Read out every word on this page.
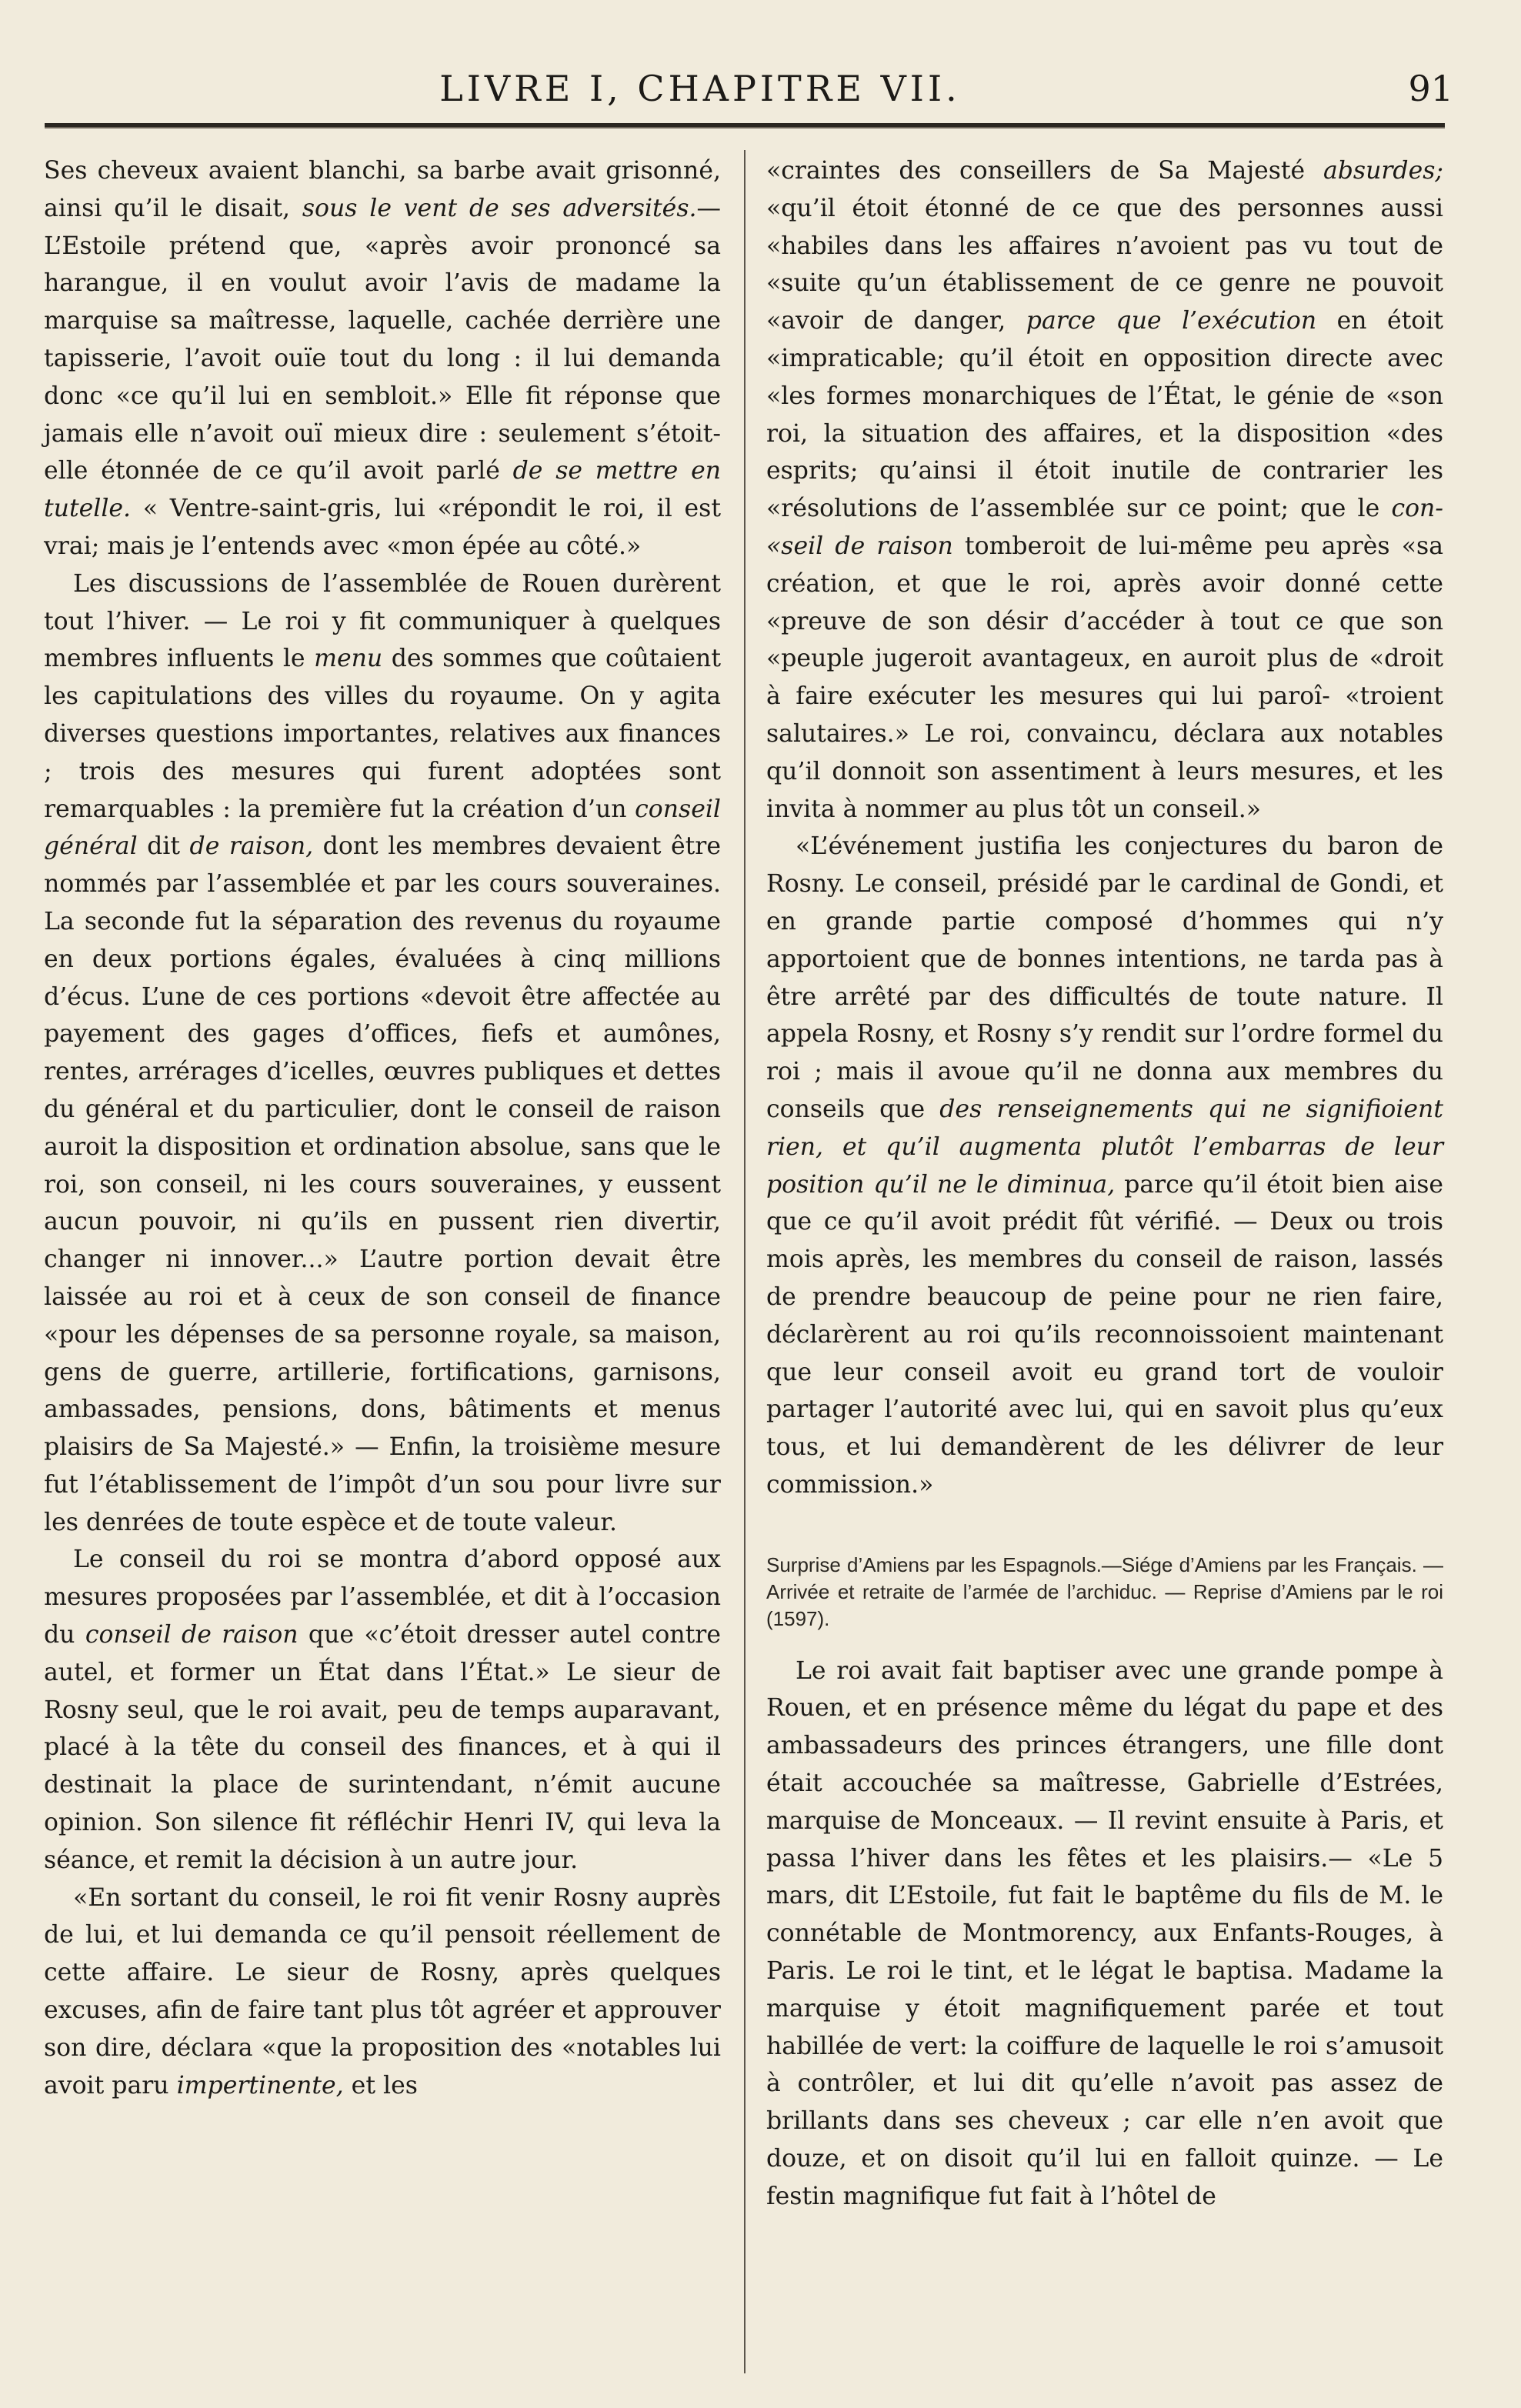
LIVRE I, CHAPITRE VII.	91

Ses cheveux avaient blanchi, sa barbe avait grisonné, ainsi qu’il le disait, sous le vent de ses adversités.— L’Estoile prétend que, «après avoir prononcé sa harangue, il en voulut avoir l’avis de madame la marquise sa maîtresse, laquelle, cachée derrière une tapisserie, l’avoit ouïe tout du long : il lui demanda donc «ce qu’il lui en sembloit.» Elle fit réponse que jamais elle n’avoit ouï mieux dire : seulement s’étoit-elle étonnée de ce qu’il avoit parlé de se mettre en tutelle. « Ventre-saint-gris, lui «répondit le roi, il est vrai; mais je l’entends avec «mon épée au côté.»

Les discussions de l’assemblée de Rouen durèrent tout l’hiver. — Le roi y fit communiquer à quelques membres influents le menu des sommes que coûtaient les capitulations des villes du royaume. On y agita diverses questions importantes, relatives aux finances ; trois des mesures qui furent adoptées sont remarquables : la première fut la création d’un conseil général dit de raison, dont les membres devaient être nommés par l’assemblée et par les cours souveraines. La seconde fut la séparation des revenus du royaume en deux portions égales, évaluées à cinq millions d’écus. L’une de ces portions «devoit être affectée au payement des gages d’offices, fiefs et aumônes, rentes, arrérages d’icelles, œuvres publiques et dettes du général et du particulier, dont le conseil de raison auroit la disposition et ordination absolue, sans que le roi, son conseil, ni les cours souveraines, y eussent aucun pouvoir, ni qu’ils en pussent rien divertir, changer ni innover...» L’autre portion devait être laissée au roi et à ceux de son conseil de finance «pour les dépenses de sa personne royale, sa maison, gens de guerre, artillerie, fortifications, garnisons, ambassades, pensions, dons, bâtiments et menus plaisirs de Sa Majesté.» — Enfin, la troisième mesure fut l’établissement de l’impôt d’un sou pour livre sur les denrées de toute espèce et de toute valeur.

Le conseil du roi se montra d’abord opposé aux mesures proposées par l’assemblée, et dit à l’occasion du conseil de raison que «c’étoit dresser autel contre autel, et former un État dans l’État.» Le sieur de Rosny seul, que le roi avait, peu de temps auparavant, placé à la tête du conseil des finances, et à qui il destinait la place de surintendant, n’émit aucune opinion. Son silence fit réfléchir Henri IV, qui leva la séance, et remit la décision à un autre jour.

«En sortant du conseil, le roi fit venir Rosny auprès de lui, et lui demanda ce qu’il pensoit réellement de cette affaire. Le sieur de Rosny, après quelques excuses, afin de faire tant plus tôt agréer et approuver son dire, déclara «que la proposition des «notables lui avoit paru impertinente, et les

«craintes des conseillers de Sa Majesté absurdes; «qu’il étoit étonné de ce que des personnes aussi «habiles dans les affaires n’avoient pas vu tout de «suite qu’un établissement de ce genre ne pouvoit «avoir de danger, parce que l’exécution en étoit «impraticable; qu’il étoit en opposition directe avec «les formes monarchiques de l’État, le génie de «son roi, la situation des affaires, et la disposition «des esprits; qu’ainsi il étoit inutile de contrarier les «résolutions de l’assemblée sur ce point; que le con- «seil de raison tomberoit de lui-même peu après «sa création, et que le roi, après avoir donné cette «preuve de son désir d’accéder à tout ce que son «peuple jugeroit avantageux, en auroit plus de «droit à faire exécuter les mesures qui lui paroî- «troient salutaires.» Le roi, convaincu, déclara aux notables qu’il donnoit son assentiment à leurs mesures, et les invita à nommer au plus tôt un conseil.»

«L’événement justifia les conjectures du baron de Rosny. Le conseil, présidé par le cardinal de Gondi, et en grande partie composé d’hommes qui n’y apportoient que de bonnes intentions, ne tarda pas à être arrêté par des difficultés de toute nature. Il appela Rosny, et Rosny s’y rendit sur l’ordre formel du roi ; mais il avoue qu’il ne donna aux membres du conseils que des renseignements qui ne signifioient rien, et qu’il augmenta plutôt l’embarras de leur position qu’il ne le diminua, parce qu’il étoit bien aise que ce qu’il avoit prédit fût vérifié. — Deux ou trois mois après, les membres du conseil de raison, lassés de prendre beaucoup de peine pour ne rien faire, déclarèrent au roi qu’ils reconnoissoient maintenant que leur conseil avoit eu grand tort de vouloir partager l’autorité avec lui, qui en savoit plus qu’eux tous, et lui demandèrent de les délivrer de leur commission.»

Surprise d’Amiens par les Espagnols.—Siége d’Amiens par les Français. — Arrivée et retraite de l’armée de l’archiduc. — Reprise d’Amiens par le roi (1597).

Le roi avait fait baptiser avec une grande pompe à Rouen, et en présence même du légat du pape et des ambassadeurs des princes étrangers, une fille dont était accouchée sa maîtresse, Gabrielle d’Estrées, marquise de Monceaux. — Il revint ensuite à Paris, et passa l’hiver dans les fêtes et les plaisirs.— «Le 5 mars, dit L’Estoile, fut fait le baptême du fils de M. le connétable de Montmorency, aux Enfants-Rouges, à Paris. Le roi le tint, et le légat le baptisa. Madame la marquise y étoit magnifiquement parée et tout habillée de vert: la coiffure de laquelle le roi s’amusoit à contrôler, et lui dit qu’elle n’avoit pas assez de brillants dans ses cheveux ; car elle n’en avoit que douze, et on disoit qu’il lui en falloit quinze. — Le festin magnifique fut fait à l’hôtel de
